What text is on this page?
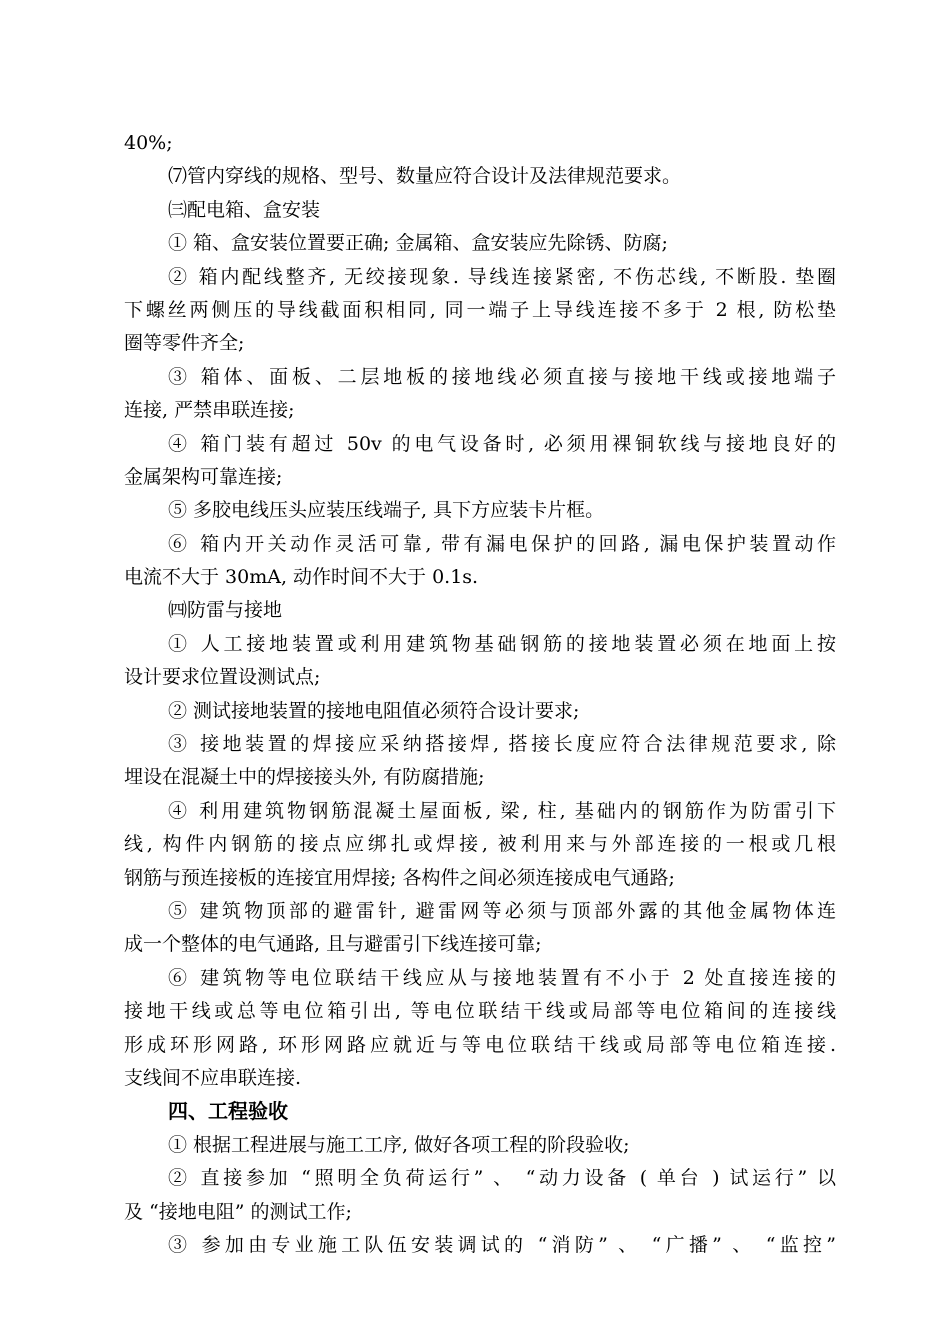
40%;
⑺管内穿线的规格、型号、数量应符合设计及法律规范要求。
㈢配电箱、盒安装
① 箱、盒安装位置要正确; 金属箱、盒安装应先除锈、防腐;
② 箱内配线整齐, 无绞接现象. 导线连接紧密, 不伤芯线, 不断股. 垫圈
下螺丝两侧压的导线截面积相同, 同一端子上导线连接不多于 2 根, 防松垫
圈等零件齐全;
③ 箱体、面板、二层地板的接地线必须直接与接地干线或接地端子
连接, 严禁串联连接;
④ 箱门装有超过 50v 的电气设备时, 必须用裸铜软线与接地良好的
金属架构可靠连接;
⑤ 多胶电线压头应装压线端子, 具下方应装卡片框。
⑥ 箱内开关动作灵活可靠, 带有漏电保护的回路, 漏电保护装置动作
电流不大于 30mA, 动作时间不大于 0.1s.
㈣防雷与接地
① 人工接地装置或利用建筑物基础钢筋的接地装置必须在地面上按
设计要求位置设测试点;
② 测试接地装置的接地电阻值必须符合设计要求;
③ 接地装置的焊接应采纳搭接焊, 搭接长度应符合法律规范要求, 除
埋设在混凝土中的焊接接头外, 有防腐措施;
④ 利用建筑物钢筋混凝土屋面板, 梁, 柱, 基础内的钢筋作为防雷引下
线, 构件内钢筋的接点应绑扎或焊接, 被利用来与外部连接的一根或几根
钢筋与预连接板的连接宜用焊接; 各构件之间必须连接成电气通路;
⑤ 建筑物顶部的避雷针, 避雷网等必须与顶部外露的其他金属物体连
成一个整体的电气通路, 且与避雷引下线连接可靠;
⑥ 建筑物等电位联结干线应从与接地装置有不小于 2 处直接连接的
接地干线或总等电位箱引出, 等电位联结干线或局部等电位箱间的连接线
形成环形网路, 环形网路应就近与等电位联结干线或局部等电位箱连接.
支线间不应串联连接.
四、工程验收
① 根据工程进展与施工工序, 做好各项工程的阶段验收;
② 直接参加 “照明全负荷运行” 、 “动力设备 ( 单台 ) 试运行” 以
及 “接地电阻” 的测试工作;
③ 参加由专业施工队伍安装调试的 “消防” 、 “广播” 、 “监控”
